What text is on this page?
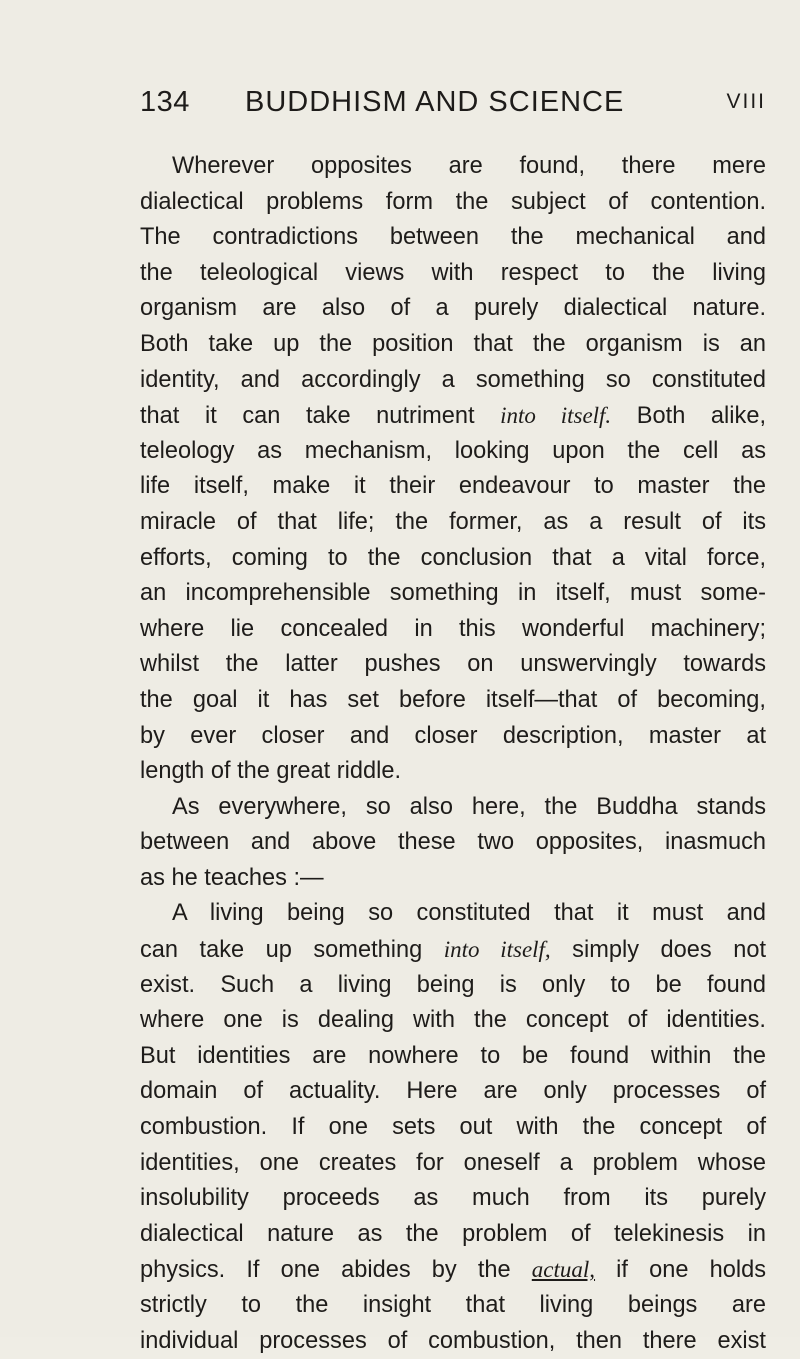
134 BUDDHISM AND SCIENCE	VIII
Wherever opposites are found, there mere
dialectical problems form the subject of contention.
The contradictions between the mechanical and
the teleological views with respect to the living
organism are also of a purely dialectical nature.
Both take up the position that the organism is an
identity, and accordingly a something so constituted
that it can take nutriment into itself. Both alike,
teleology as mechanism, looking upon the cell as
life itself, make it their endeavour to master the
miracle of that life; the former, as a result of its
efforts, coming to the conclusion that a vital force,
an incomprehensible something in itself, must some-
where lie concealed in this wonderful machinery;
whilst the latter pushes on unswervingly towards
the goal it has set before itself—that of becoming,
by ever closer and closer description, master at
length of the great riddle.
As everywhere, so also here, the Buddha stands
between and above these two opposites, inasmuch
as he teaches :—
A living being so constituted that it must and
can take up something into itself, simply does not
exist. Such a living being is only to be found
where one is dealing with the concept of identities.
But identities are nowhere to be found within the
domain of actuality. Here are only processes of
combustion. If one sets out with the concept of
identities, one creates for oneself a problem whose
insolubility proceeds as much from its purely
dialectical nature as the problem of telekinesis in
physics. If one abides by the actual, if one holds
strictly to the insight that living beings are
individual processes of combustion, then there exist
